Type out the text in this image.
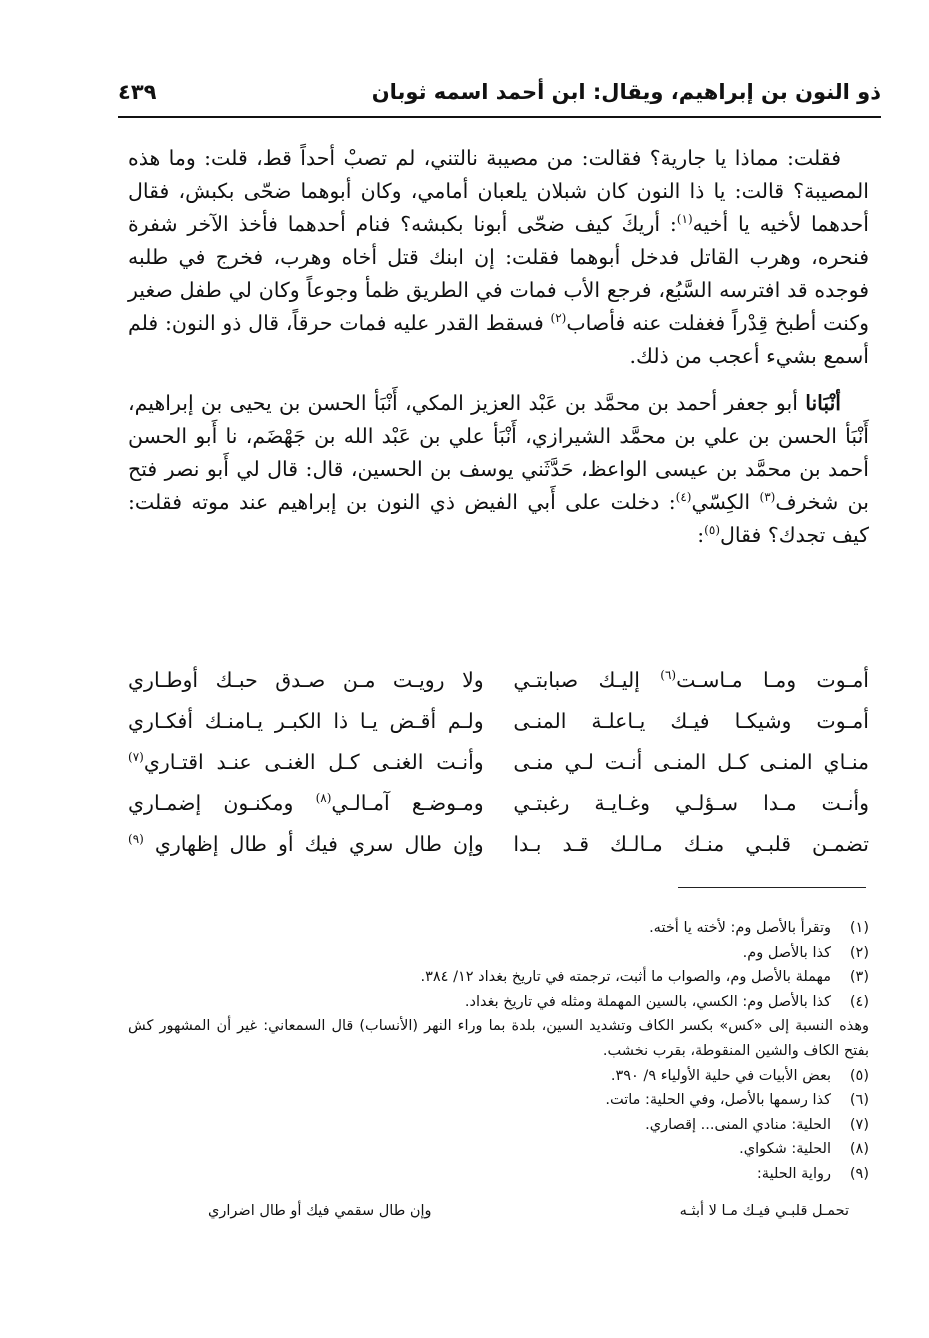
ذو النون بن إبراهيم، ويقال: ابن أحمد اسمه ثوبان
٤٣٩

فقلت: مماذا يا جارية؟ فقالت: من مصيبة نالتني، لم تصبْ أحداً قط، قلت: وما هذه المصيبة؟ قالت: يا ذا النون كان شبلان يلعبان أمامي، وكان أبوهما ضحّى بكبش، فقال أحدهما لأخيه يا أخيه$^{(١)}$: أريكَ كيف ضحّى أبونا بكبشه؟ فنام أحدهما فأخذ الآخر شفرة فنحره، وهرب القاتل فدخل أبوهما فقلت: إن ابنك قتل أخاه وهرب، فخرج في طلبه فوجده قد افترسه السَّبُع، فرجع الأب فمات في الطريق ظمأ وجوعاً وكان لي طفل صغير وكنت أطبخ قِدْراً فغفلت عنه فأصاب$^{(٢)}$ فسقط القدر عليه فمات حرقاً، قال ذو النون: فلم أسمع بشيء أعجب من ذلك.

أنْبَانا أبو جعفر أحمد بن محمَّد بن عَبْد العزيز المكي، أَنْبَأ الحسن بن يحيى بن إبراهيم، أَنْبَأ الحسن بن علي بن محمَّد الشيرازي، أَنْبَأ علي بن عَبْد الله بن جَهْضَم، نا أَبو الحسن أحمد بن محمَّد بن عيسى الواعظ، حَدَّثَني يوسف بن الحسين، قال: قال لي أَبو نصر فتح بن شخرف$^{(٣)}$ الكِسّي$^{(٤)}$: دخلت على أَبي الفيض ذي النون بن إبراهيم عند موته فقلت: كيف تجدك؟ فقال$^{(٥)}$:

أمـوت ومـا مـاسـت$^{(٦)}$ إليـك صبابتـي
ولا رويـت مـن صـدق حبـك أوطـاري
أمـوت وشيكـا فيـك يـاعلـة المنـى
ولـم أقـض يـا ذا الكبـر يـامنـك أفكـاري
منـاي المنـى كـل المنـى أنـت لـي منـى
وأنـت الغنـى كـل الغنـى عنـد اقتـاري$^{(٧)}$
وأنـت مـدا سـؤلـي وغـايـة رغبتـي
ومـوضـع آمـالـي$^{(٨)}$ ومكنـون إضمـاري
تضمـن قلبـي منـك مـالـك قـد بـدا
وإن طال سري فيك أو طال إظهاري $^{(٩)}$
(١)
وتقرأ بالأصل وم: لأخته يا أخته.
(٢)
كذا بالأصل وم.
(٣)
مهملة بالأصل وم، والصواب ما أثبت، ترجمته في تاريخ بغداد ١٢/ ٣٨٤.
(٤)
كذا بالأصل وم: الكسي، بالسين المهملة ومثله في تاريخ بغداد.
وهذه النسبة إلى «كس» بكسر الكاف وتشديد السين، بلدة بما وراء النهر (الأنساب) قال السمعاني: غير أن المشهور كش بفتح الكاف والشين المنقوطة، بقرب نخشب.
(٥)
بعض الأبيات في حلية الأولياء ٩/ ٣٩٠.
(٦)
كذا رسمها بالأصل، وفي الحلية: ماتت.
(٧)
الحلية: منادي المنى... إقصاري.
(٨)
الحلية: شكواي.
(٩)
رواية الحلية:
تحمـل قلبـي فيـك مـا لا أبثـه
وإن طال سقمي فيك أو طال اضراري
